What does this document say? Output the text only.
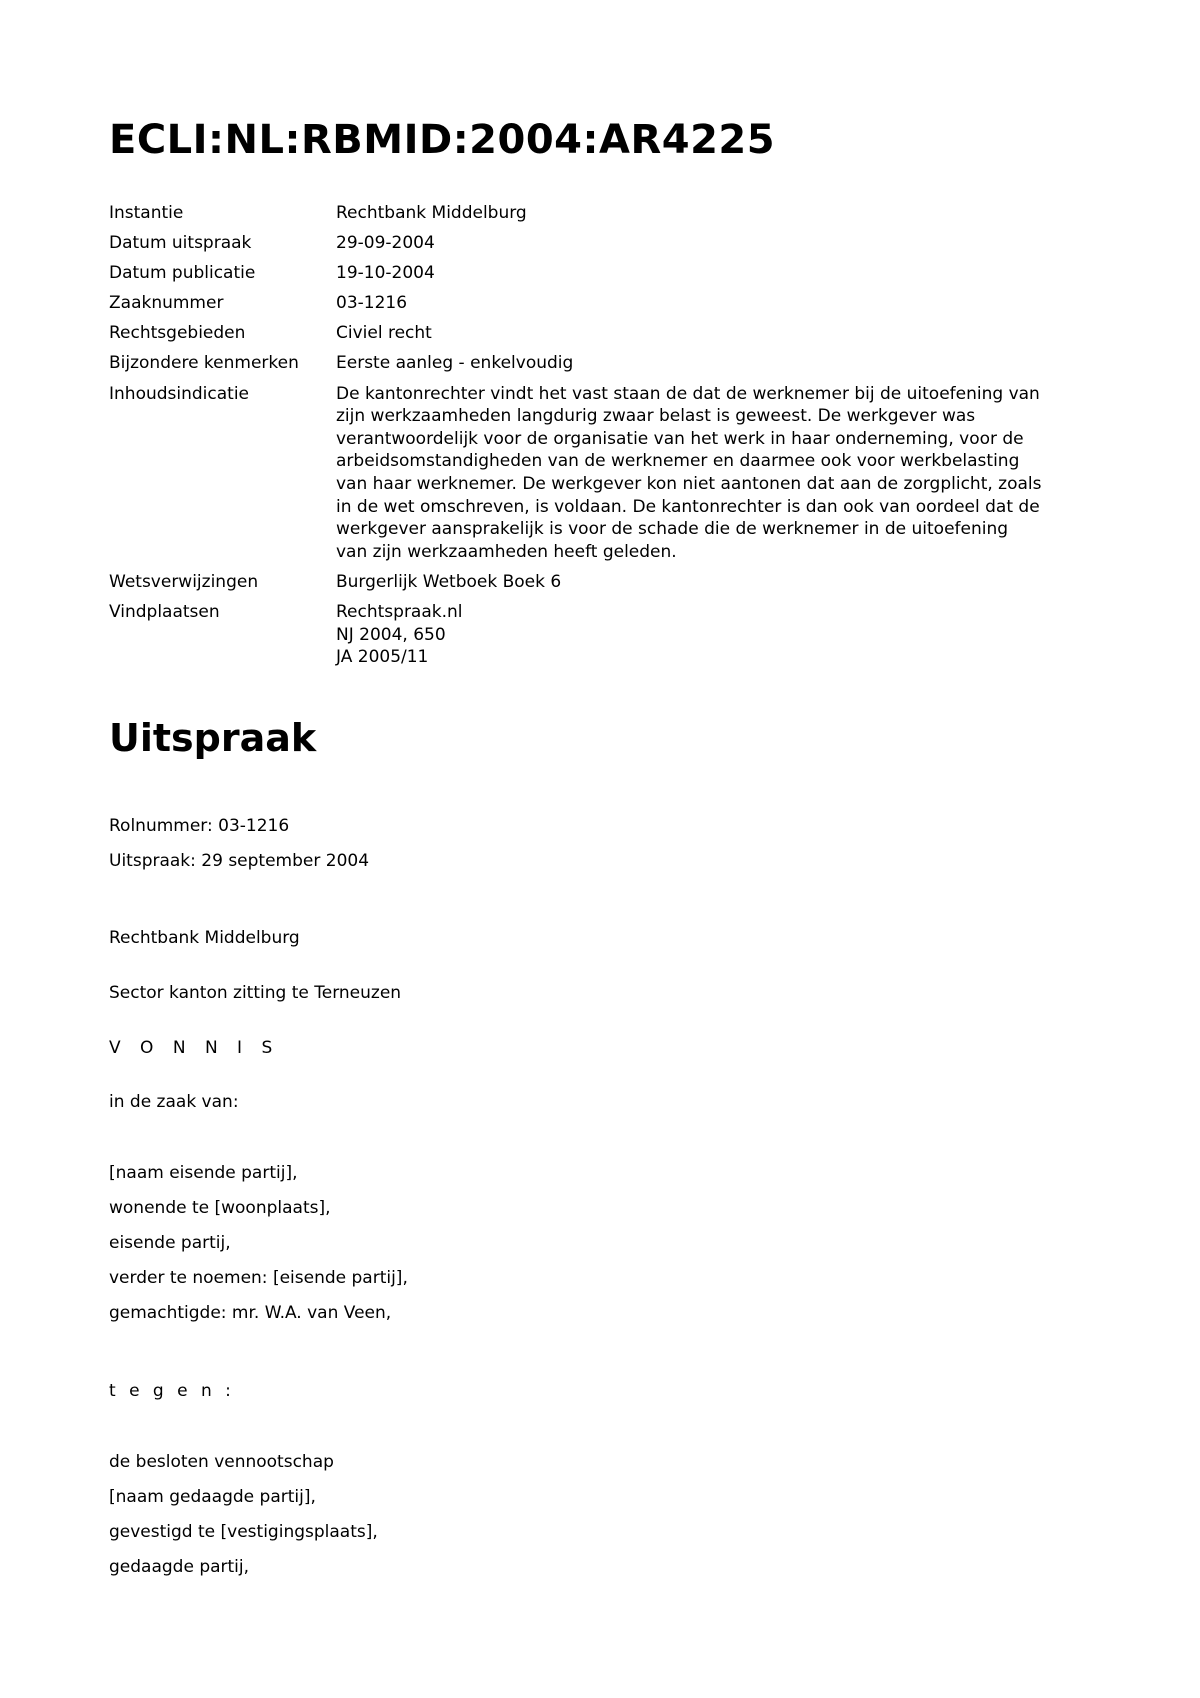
ECLI:NL:RBMID:2004:AR4225
Instantie	Rechtbank Middelburg
Datum uitspraak	29-09-2004
Datum publicatie	19-10-2004
Zaaknummer	03-1216
Rechtsgebieden	Civiel recht
Bijzondere kenmerken	Eerste aanleg - enkelvoudig
Inhoudsindicatie	De kantonrechter vindt het vast staan de dat de werknemer bij de uitoefening van
zijn werkzaamheden langdurig zwaar belast is geweest. De werkgever was
verantwoordelijk voor de organisatie van het werk in haar onderneming, voor de
arbeidsomstandigheden van de werknemer en daarmee ook voor werkbelasting
van haar werknemer. De werkgever kon niet aantonen dat aan de zorgplicht, zoals
in de wet omschreven, is voldaan. De kantonrechter is dan ook van oordeel dat de
werkgever aansprakelijk is voor de schade die de werknemer in de uitoefening
van zijn werkzaamheden heeft geleden.
Wetsverwijzingen	Burgerlijk Wetboek Boek 6
Vindplaatsen	Rechtspraak.nl
NJ 2004, 650
JA 2005/11
Uitspraak
Rolnummer: 03-1216
Uitspraak: 29 september 2004
Rechtbank Middelburg
Sector kanton zitting te Terneuzen
V O N N I S
in de zaak van:
[naam eisende partij],
wonende te [woonplaats],
eisende partij,
verder te noemen: [eisende partij],
gemachtigde: mr. W.A. van Veen,
t e g e n :
de besloten vennootschap
[naam gedaagde partij],
gevestigd te [vestigingsplaats],
gedaagde partij,
